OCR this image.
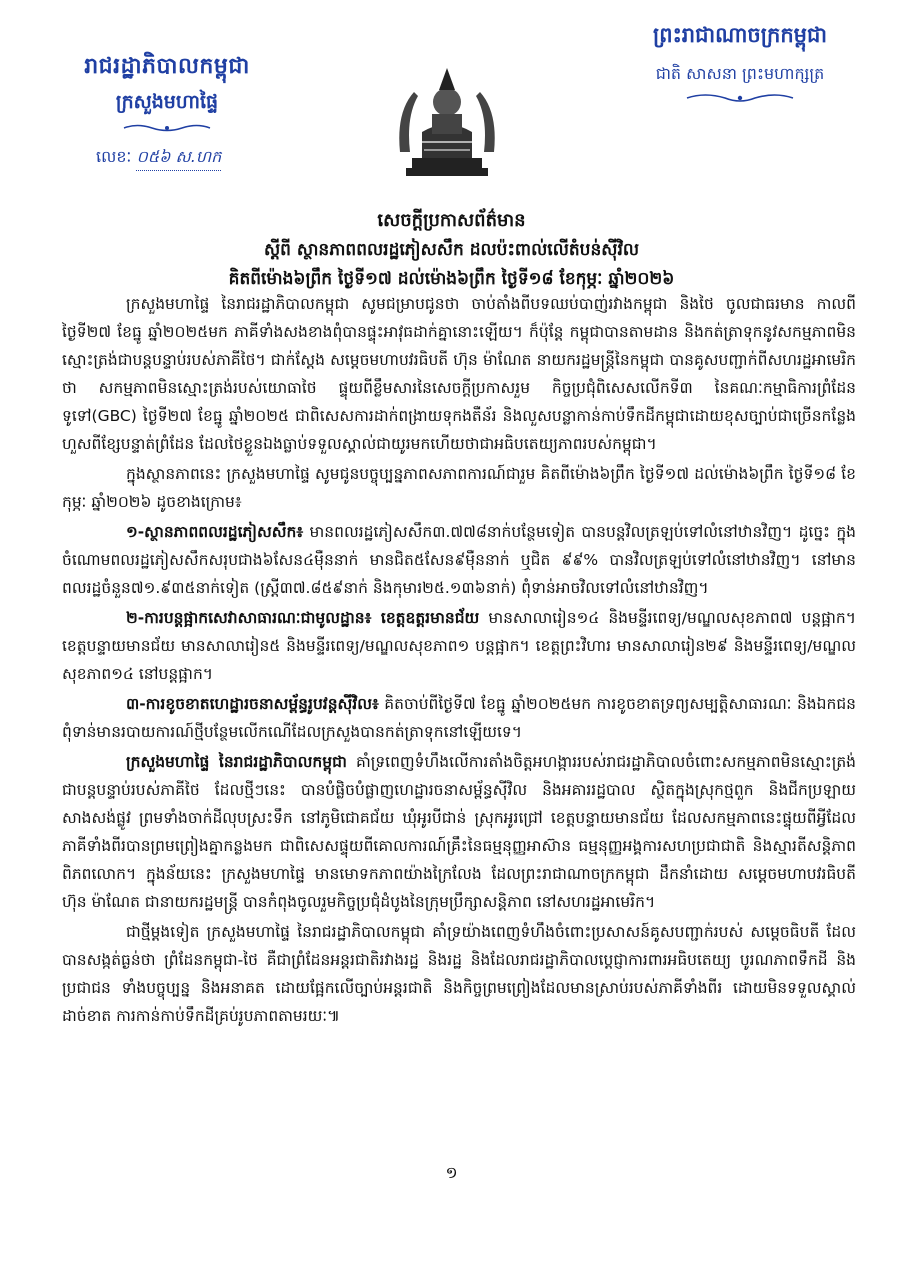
ព្រះរាជាណាចក្រកម្ពុជា
ជាតិ សាសនា ព្រះមហាក្សត្រ
រាជរដ្ឋាភិបាលកម្ពុជា
ក្រសួងមហាផ្ទៃ
លេខៈ ០៥៦ ស.ហក
សេចក្តីប្រកាសព័ត៌មាន
ស្តីពី ស្ថានភាពពលរដ្ឋភៀសសឹក ដលប៉ះពាល់លើតំបន់ស៊ីវិល
គិតពីម៉ោង៦ព្រឹក ថ្ងៃទី១៧ ដល់ម៉ោង៦ព្រឹក ថ្ងៃទី១៨ ខែកុម្ភៈ ឆ្នាំ២០២៦

ក្រសួងមហាផ្ទៃ នៃរាជរដ្ឋាភិបាលកម្ពុជា សូមជម្រាបជូនថា ចាប់តាំងពីបទឈប់បាញ់រវាងកម្ពុជា និងថៃ ចូលជាធរមាន កាលពីថ្ងៃទី២៧ ខែធ្នូ ឆ្នាំ២០២៥មក ភាគីទាំងសងខាងពុំបានផ្ទុះអាវុធដាក់គ្នានោះឡើយ។ ក៏ប៉ុន្តែ កម្ពុជាបានតាមដាន និងកត់ត្រាទុកនូវសកម្មភាពមិនស្មោះត្រង់ជាបន្តបន្ទាប់របស់ភាគីថៃ។ ជាក់ស្តែង សម្តេចមហាបវរធិបតី ហ៊ុន ម៉ាណែត នាយករដ្ឋមន្ត្រីនៃកម្ពុជា បានគូសបញ្ជាក់ពីសហរដ្ឋអាមេរិកថា សកម្មភាពមិនស្មោះត្រង់របស់យោធាថៃ ផ្ទុយពីខ្លឹមសារនៃសេចក្តីប្រកាសរួម កិច្ចប្រជុំពិសេសលើកទី៣ នៃគណៈកម្មាធិការព្រំដែនទូទៅ(GBC) ថ្ងៃទី២៧ ខែធ្នូ ឆ្នាំ២០២៥ ជាពិសេសការដាក់ពង្រាយទុកងតឺន័រ និងលួសបន្លាកាន់កាប់ទឹកដីកម្ពុជាដោយខុសច្បាប់ជាច្រើនកន្លែង ហួសពីខ្សែបន្ទាត់ព្រំដែន ដែលថៃខ្លួនឯងធ្លាប់ទទួលស្គាល់ជាយូរមកហើយថាជាអធិបតេយ្យភាពរបស់កម្ពុជា។

ក្នុងស្ថានភាពនេះ ក្រសួងមហាផ្ទៃ សូមជូនបច្ចុប្បន្នភាពសភាពការណ៍ជារួម គិតពីម៉ោង៦ព្រឹក ថ្ងៃទី១៧ ដល់ម៉ោង៦ព្រឹក ថ្ងៃទី១៨ ខែកុម្ភៈ ឆ្នាំ២០២៦ ដូចខាងក្រោម៖

១-ស្ថានភាពពលរដ្ឋភៀសសឹក៖ មានពលរដ្ឋភៀសសឹក៣.៧៧៨នាក់បន្ថែមទៀត បានបន្តវិលត្រឡប់ទៅលំនៅឋានវិញ។ ដូច្នេះ ក្នុងចំណោមពលរដ្ឋភៀសសឹកសរុបជាង៦សែន៤ម៉ឺននាក់ មានជិត៥សែន៩ម៉ឺននាក់ ឬជិត ៩៩% បានវិលត្រឡប់ទៅលំនៅឋានវិញ។ នៅមានពលរដ្ឋចំនួន៧១.៩៣៥នាក់ទៀត (ស្ត្រី៣៧.៨៥៩នាក់ និងកុមារ២៥.១៣៦នាក់) ពុំទាន់អាចវិលទៅលំនៅឋានវិញ។

២-ការបន្តផ្អាកសេវាសាធារណៈជាមូលដ្ឋាន៖ ខេត្តឧត្តរមានជ័យ មានសាលារៀន១៤ និងមន្ទីរពេទ្យ/មណ្ឌលសុខភាព៧ បន្តផ្អាក។ ខេត្តបន្ទាយមានជ័យ មានសាលារៀន៥ និងមន្ទីរពេទ្យ/មណ្ឌលសុខភាព១ បន្តផ្អាក។ ខេត្តព្រះវិហារ មានសាលារៀន២៩ និងមន្ទីរពេទ្យ/មណ្ឌលសុខភាព១៤ នៅបន្តផ្អាក។

៣-ការខូចខាតហេដ្ឋារចនាសម្ព័ន្ធរូបវន្តស៊ីវិល៖ គិតចាប់ពីថ្ងៃទី៧ ខែធ្នូ ឆ្នាំ២០២៥មក ការខូចខាតទ្រព្យសម្បត្តិសាធារណៈ និងឯកជន ពុំទាន់មានរបាយការណ៍ថ្មីបន្ថែមលើកណើដែលក្រសួងបានកត់ត្រាទុកនៅឡើយទេ។

ក្រសួងមហាផ្ទៃ នៃរាជរដ្ឋាភិបាលកម្ពុជា គាំទ្រពេញទំហឹងលើការតាំងចិត្តអហង្ការរបស់រាជរដ្ឋាភិបាលចំពោះសកម្មភាពមិនស្មោះត្រង់ជាបន្តបន្ទាប់របស់ភាគីថៃ ដែលថ្មីៗនេះ បានបំផ្លិចបំផ្លាញហេដ្ឋារចនាសម្ព័ន្ធស៊ីវិល និងអគាររដ្ឋបាល ស្ថិតក្នុងស្រុកថ្មពួក និងជីកប្រឡាយ សាងសង់ផ្លូវ ព្រមទាំងចាក់ដីលុបស្រះទឹក នៅភូមិជោគជ័យ ឃុំអូរបីជាន់ ស្រុកអូរជ្រៅ ខេត្តបន្ទាយមានជ័យ ដែលសកម្មភាពនេះផ្ទុយពីអ្វីដែលភាគីទាំងពីរបានព្រមព្រៀងគ្នាកន្លងមក ជាពិសេសផ្ទុយពីគោលការណ៍គ្រឹះនៃធម្មនុញ្ញអាស៊ាន ធម្មនុញ្ញអង្គការសហប្រជាជាតិ និងស្មារតីសន្តិភាពពិភពលោក។ ក្នុងន័យនេះ ក្រសួងមហាផ្ទៃ មានមោទកភាពយ៉ាងក្រៃលែង ដែលព្រះរាជាណាចក្រកម្ពុជា ដឹកនាំដោយ សម្តេចមហាបវរធិបតី ហ៊ុន ម៉ាណែត ជានាយករដ្ឋមន្ត្រី បានកំពុងចូលរួមកិច្ចប្រជុំដំបូងនៃក្រុមប្រឹក្សាសន្តិភាព នៅសហរដ្ឋអាមេរិក។

ជាថ្មីម្តងទៀត ក្រសួងមហាផ្ទៃ នៃរាជរដ្ឋាភិបាលកម្ពុជា គាំទ្រយ៉ាងពេញទំហឹងចំពោះប្រសាសន៍គូសបញ្ជាក់របស់ សម្តេចធិបតី ដែលបានសង្កត់ធ្ងន់ថា ព្រំដែនកម្ពុជា-ថៃ គឺជាព្រំដែនអន្តរជាតិរវាងរដ្ឋ និងរដ្ឋ និងដែលរាជរដ្ឋាភិបាលប្តេជ្ញាការពារអធិបតេយ្យ បូរណភាពទឹកដី និងប្រជាជន ទាំងបច្ចុប្បន្ន និងអនាគត ដោយផ្អែកលើច្បាប់អន្តរជាតិ និងកិច្ចព្រមព្រៀងដែលមានស្រាប់របស់ភាគីទាំងពីរ ដោយមិនទទួលស្គាល់ដាច់ខាត ការកាន់កាប់ទឹកដីគ្រប់រូបភាពតាមរយៈ៕

១
